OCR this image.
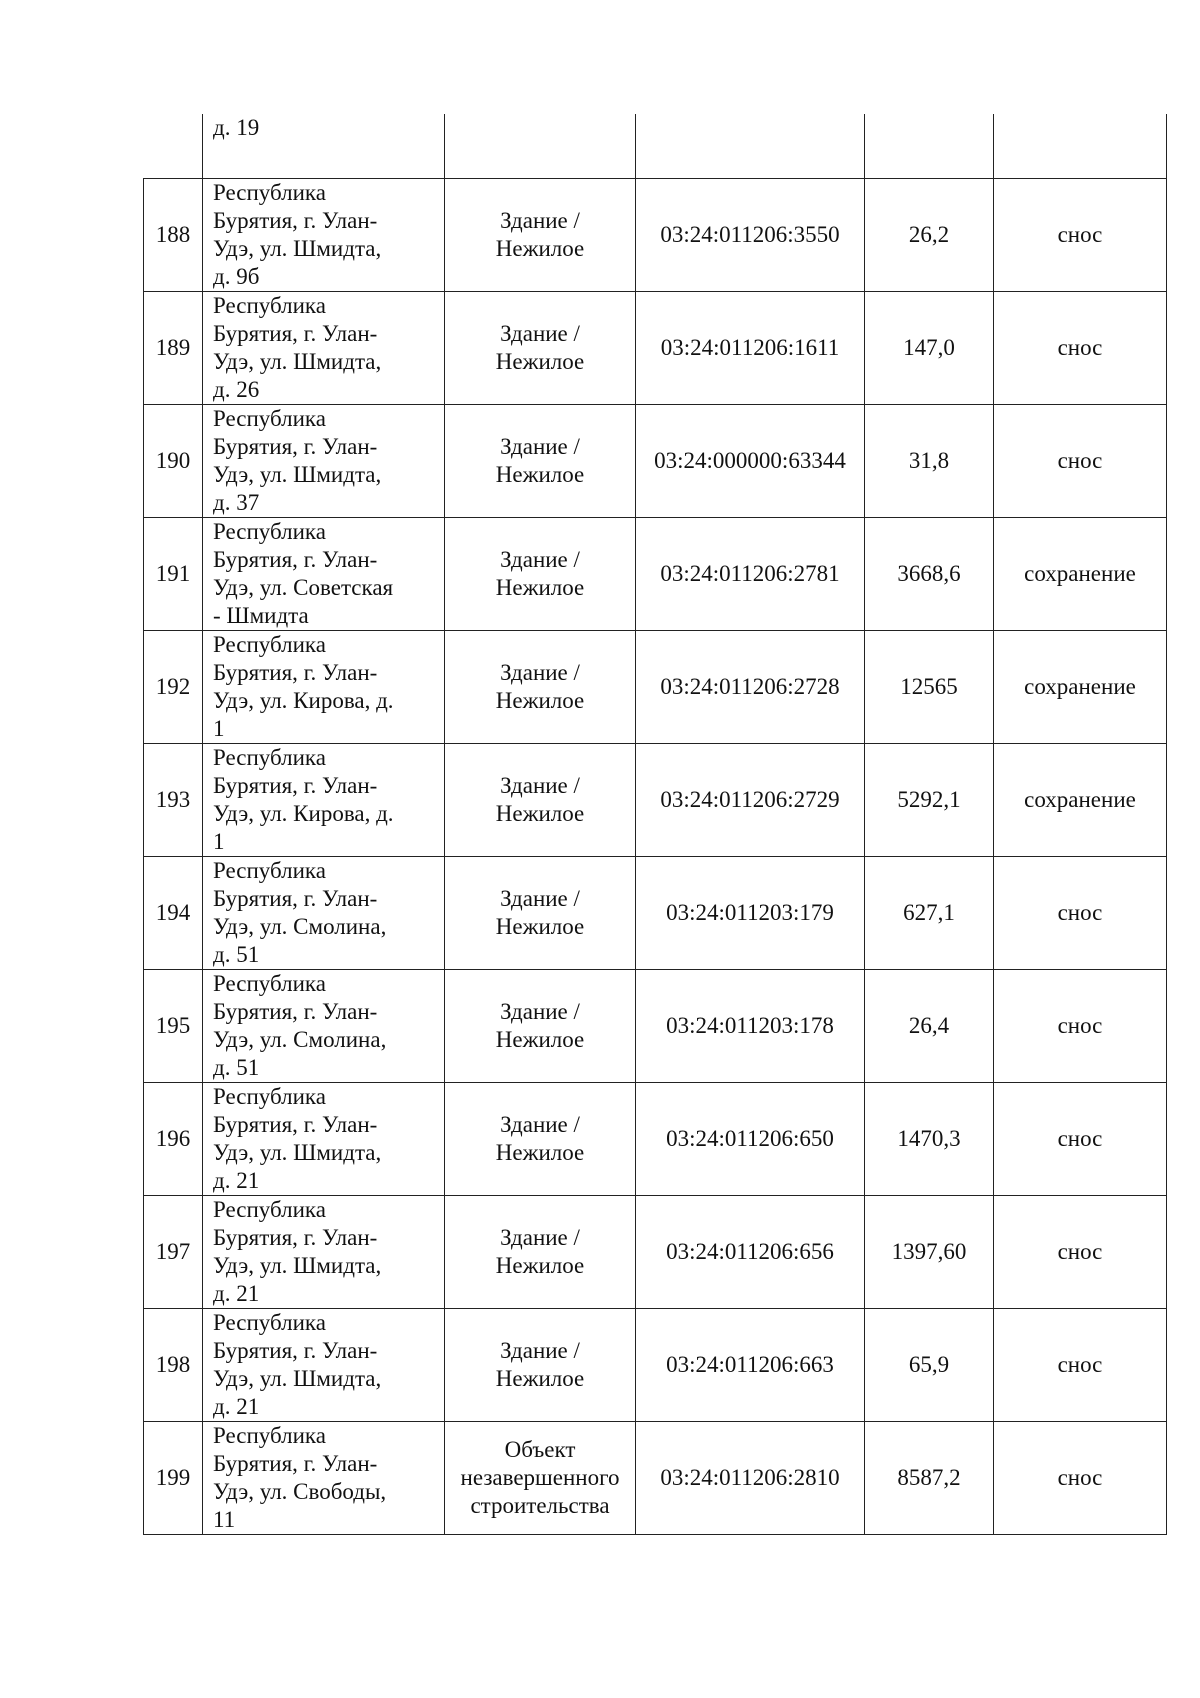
	д. 19				

188	Республика
Бурятия, г. Улан-
Удэ, ул. Шмидта,
д. 9б	Здание /
Нежилое	03:24:011206:3550	26,2	снос
189	Республика
Бурятия, г. Улан-
Удэ, ул. Шмидта,
д. 26	Здание /
Нежилое	03:24:011206:1611	147,0	снос
190	Республика
Бурятия, г. Улан-
Удэ, ул. Шмидта,
д. 37	Здание /
Нежилое	03:24:000000:63344	31,8	снос
191	Республика
Бурятия, г. Улан-
Удэ, ул. Советская
- Шмидта	Здание /
Нежилое	03:24:011206:2781	3668,6	сохранение
192	Республика
Бурятия, г. Улан-
Удэ, ул. Кирова, д.
1	Здание /
Нежилое	03:24:011206:2728	12565	сохранение
193	Республика
Бурятия, г. Улан-
Удэ, ул. Кирова, д.
1	Здание /
Нежилое	03:24:011206:2729	5292,1	сохранение
194	Республика
Бурятия, г. Улан-
Удэ, ул. Смолина,
д. 51	Здание /
Нежилое	03:24:011203:179	627,1	снос
195	Республика
Бурятия, г. Улан-
Удэ, ул. Смолина,
д. 51	Здание /
Нежилое	03:24:011203:178	26,4	снос
196	Республика
Бурятия, г. Улан-
Удэ, ул. Шмидта,
д. 21	Здание /
Нежилое	03:24:011206:650	1470,3	снос
197	Республика
Бурятия, г. Улан-
Удэ, ул. Шмидта,
д. 21	Здание /
Нежилое	03:24:011206:656	1397,60	снос
198	Республика
Бурятия, г. Улан-
Удэ, ул. Шмидта,
д. 21	Здание /
Нежилое	03:24:011206:663	65,9	снос
199	Республика
Бурятия, г. Улан-
Удэ, ул. Свободы,
11	Объект
незавершенного
строительства	03:24:011206:2810	8587,2	снос
